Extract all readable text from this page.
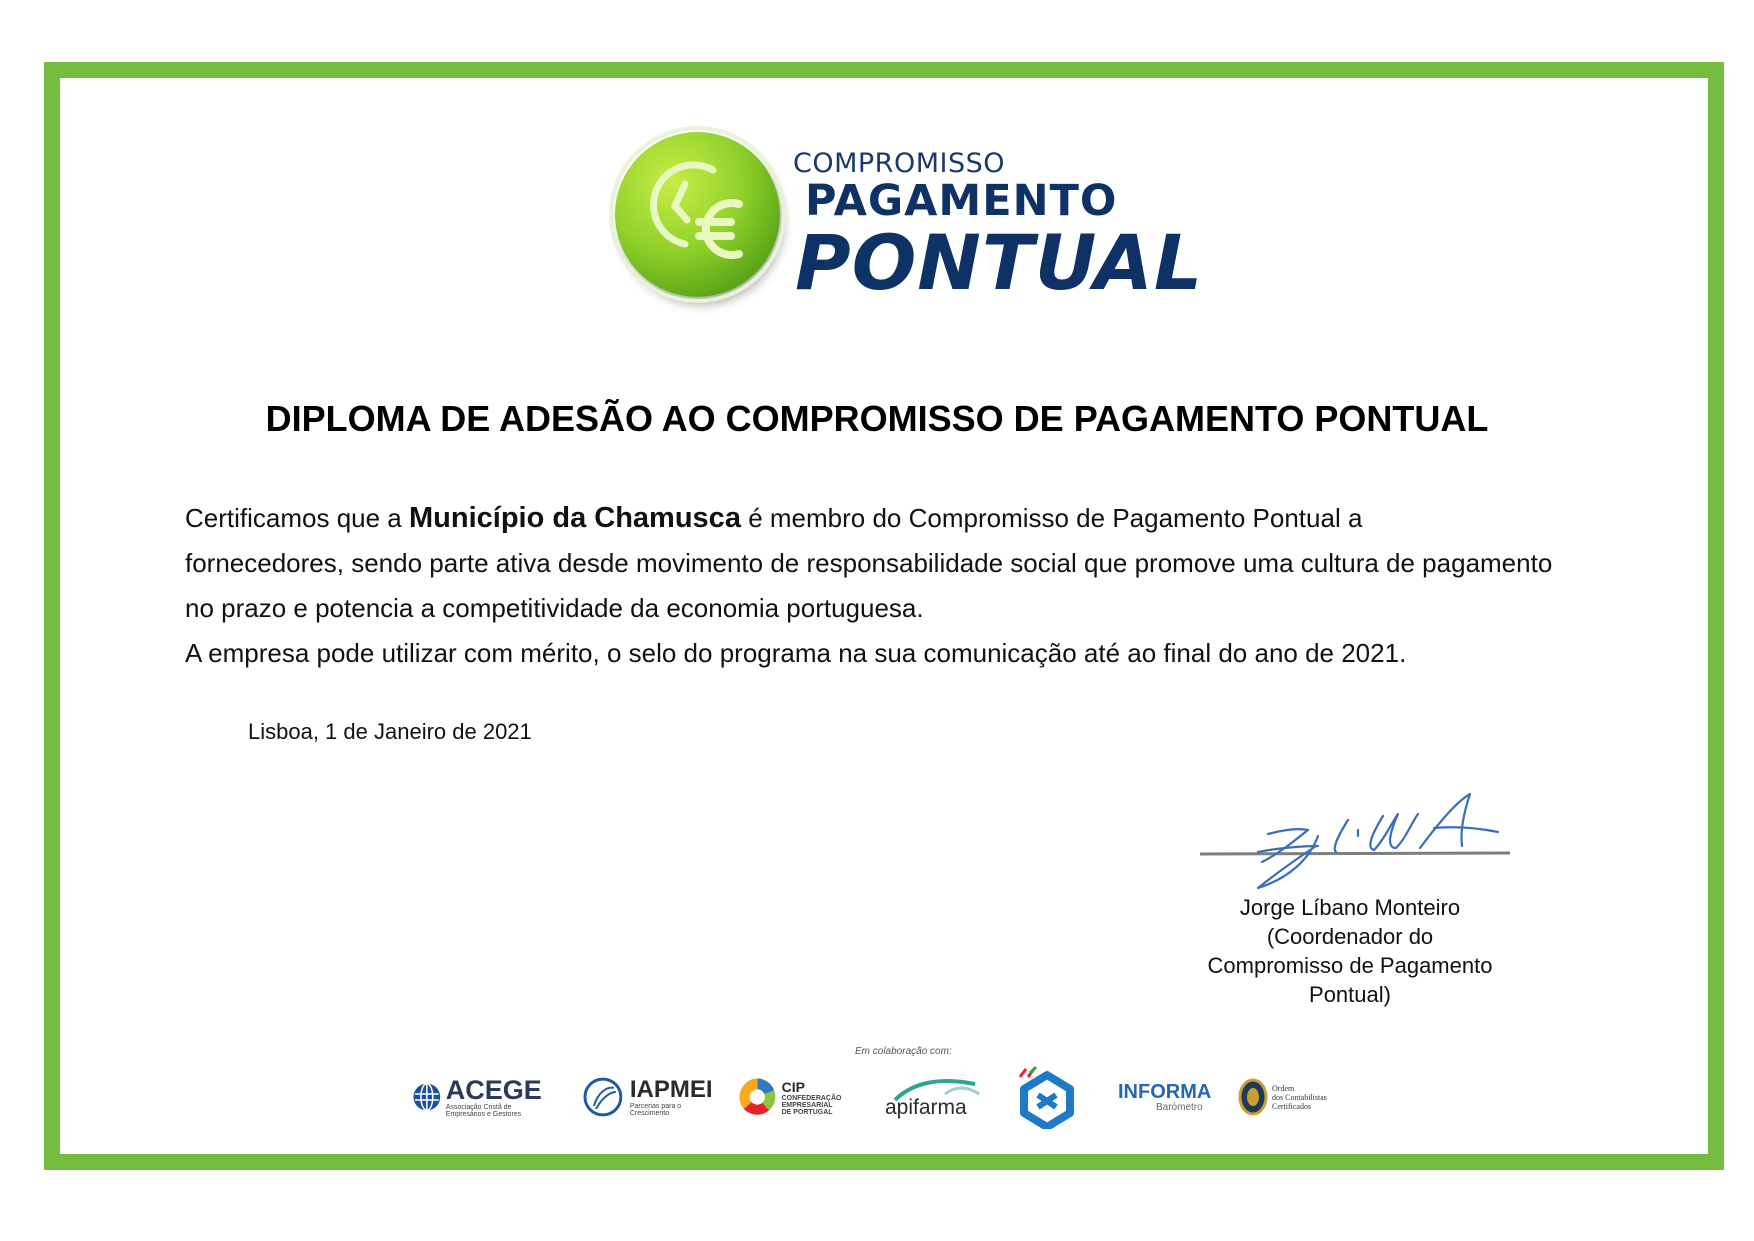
COMPROMISSO
PAGAMENTO
PONTUAL
DIPLOMA DE ADESÃO AO COMPROMISSO DE PAGAMENTO PONTUAL

Certificamos que a Município da Chamusca é membro do Compromisso de Pagamento Pontual a

fornecedores, sendo parte ativa desde movimento de responsabilidade social que promove uma cultura de pagamento

no prazo e potencia a competitividade da economia portuguesa.

A empresa pode utilizar com mérito, o selo do programa na sua comunicação até ao final do ano de 2021.

Lisboa, 1 de Janeiro de 2021
Jorge Líbano Monteiro
(Coordenador do
Compromisso de Pagamento
Pontual)
Em colaboração com:
ACEGE
Associação Cristã de Empresários e Gestores
IAPMEI
Parcerias para o Crescimento
CIP
CONFEDERAÇÃO EMPRESARIAL
DE PORTUGAL	apifarma
INFORMA
Barómetro
Ordem
dos Contabilistas
Certificados
